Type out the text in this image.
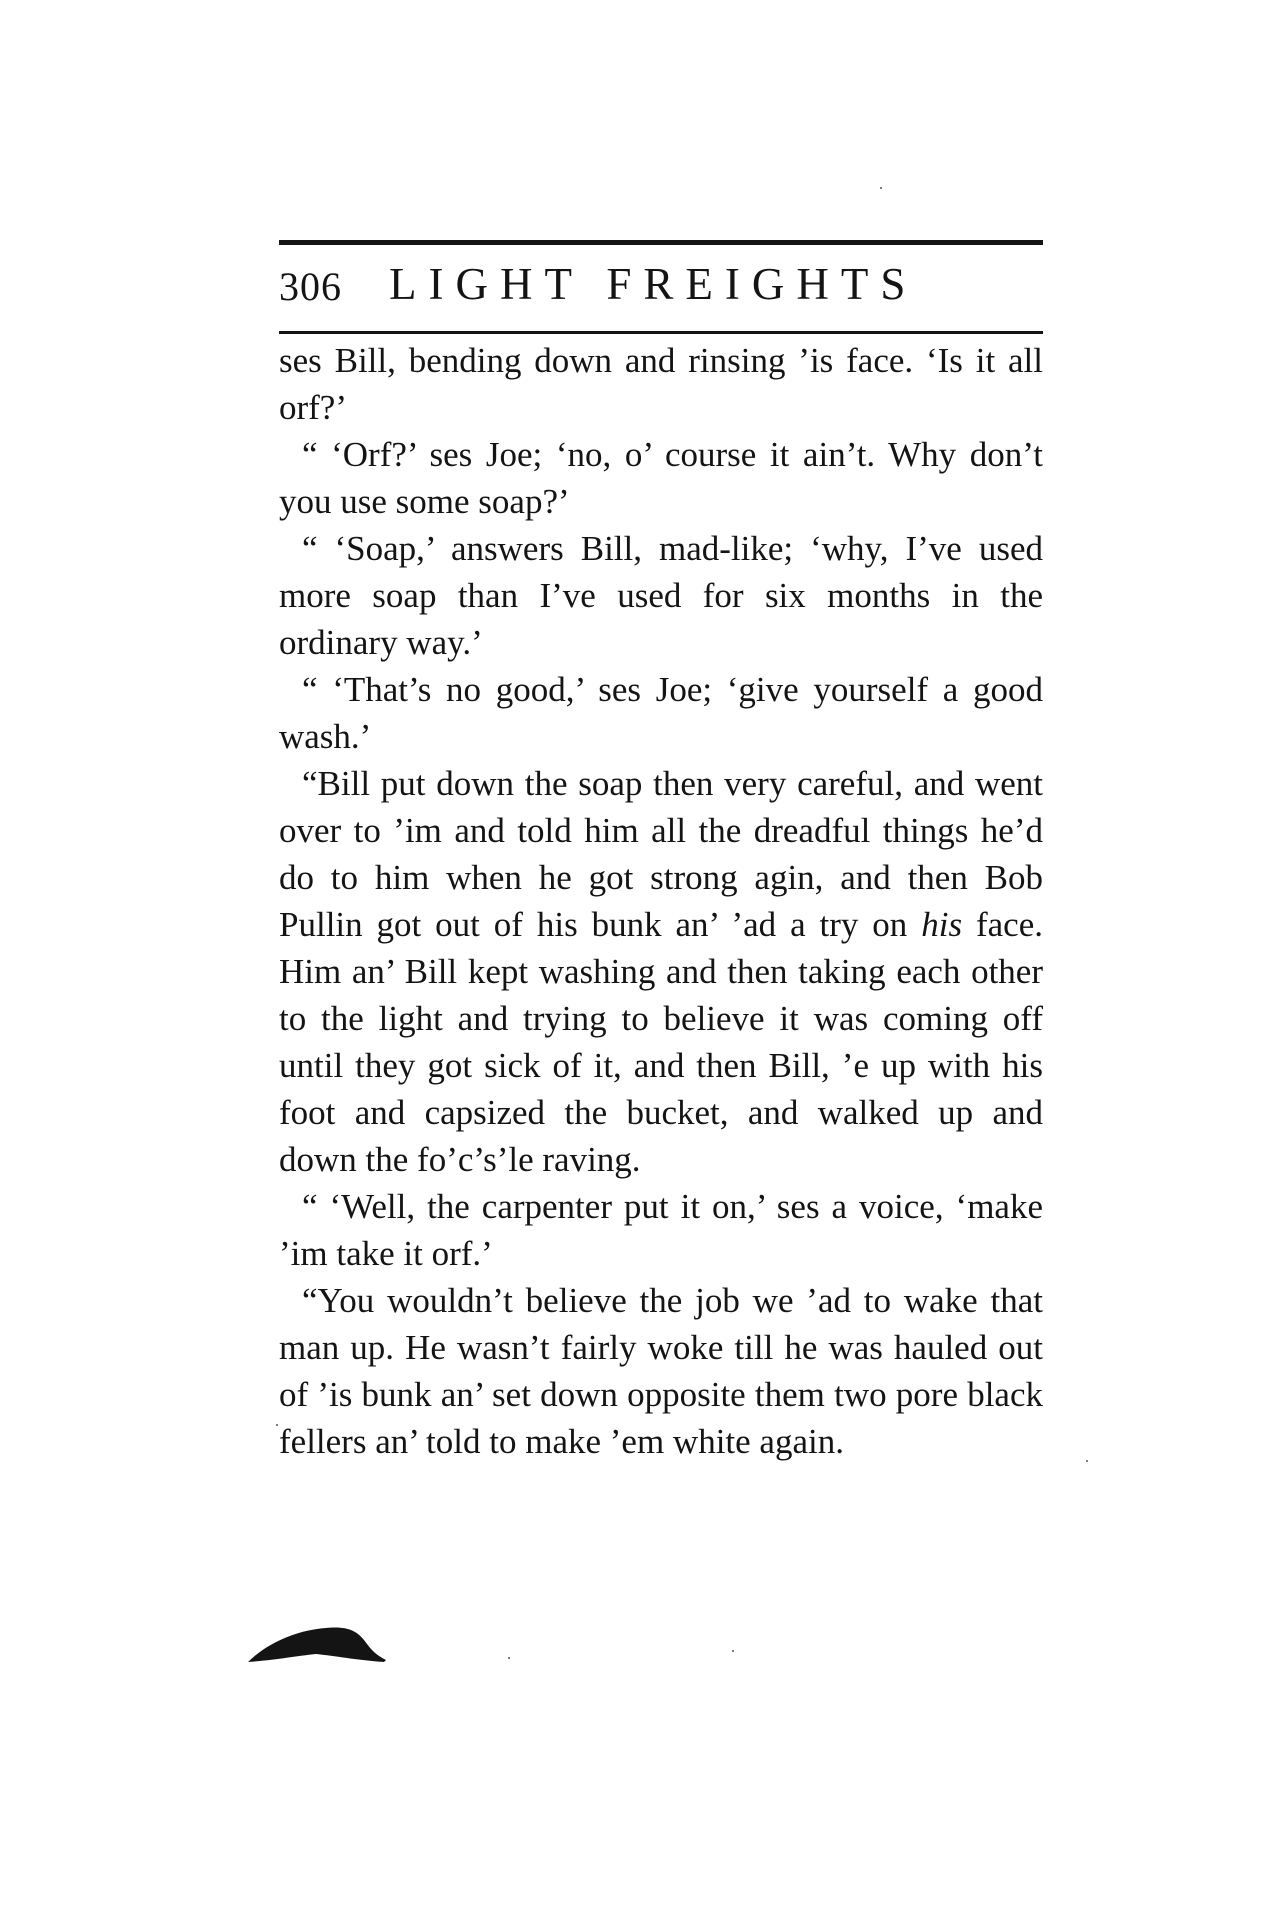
306 LIGHT FREIGHTS

ses Bill, bending down and rinsing ’is face. ‘Is it all orf?’

“ ‘Orf?’ ses Joe; ‘no, o’ course it ain’t. Why don’t you use some soap?’

“ ‘Soap,’ answers Bill, mad-like; ‘why, I’ve used more soap than I’ve used for six months in the ordinary way.’

“ ‘That’s no good,’ ses Joe; ‘give yourself a good wash.’

“Bill put down the soap then very careful, and went over to ’im and told him all the dreadful things he’d do to him when he got strong agin, and then Bob Pullin got out of his bunk an’ ’ad a try on his face. Him an’ Bill kept washing and then taking each other to the light and trying to believe it was coming off until they got sick of it, and then Bill, ’e up with his foot and capsized the bucket, and walked up and down the fo’c’s’le raving.

“ ‘Well, the carpenter put it on,’ ses a voice, ‘make ’im take it orf.’

“You wouldn’t believe the job we ’ad to wake that man up. He wasn’t fairly woke till he was hauled out of ’is bunk an’ set down opposite them two pore black fellers an’ told to make ’em white again.
